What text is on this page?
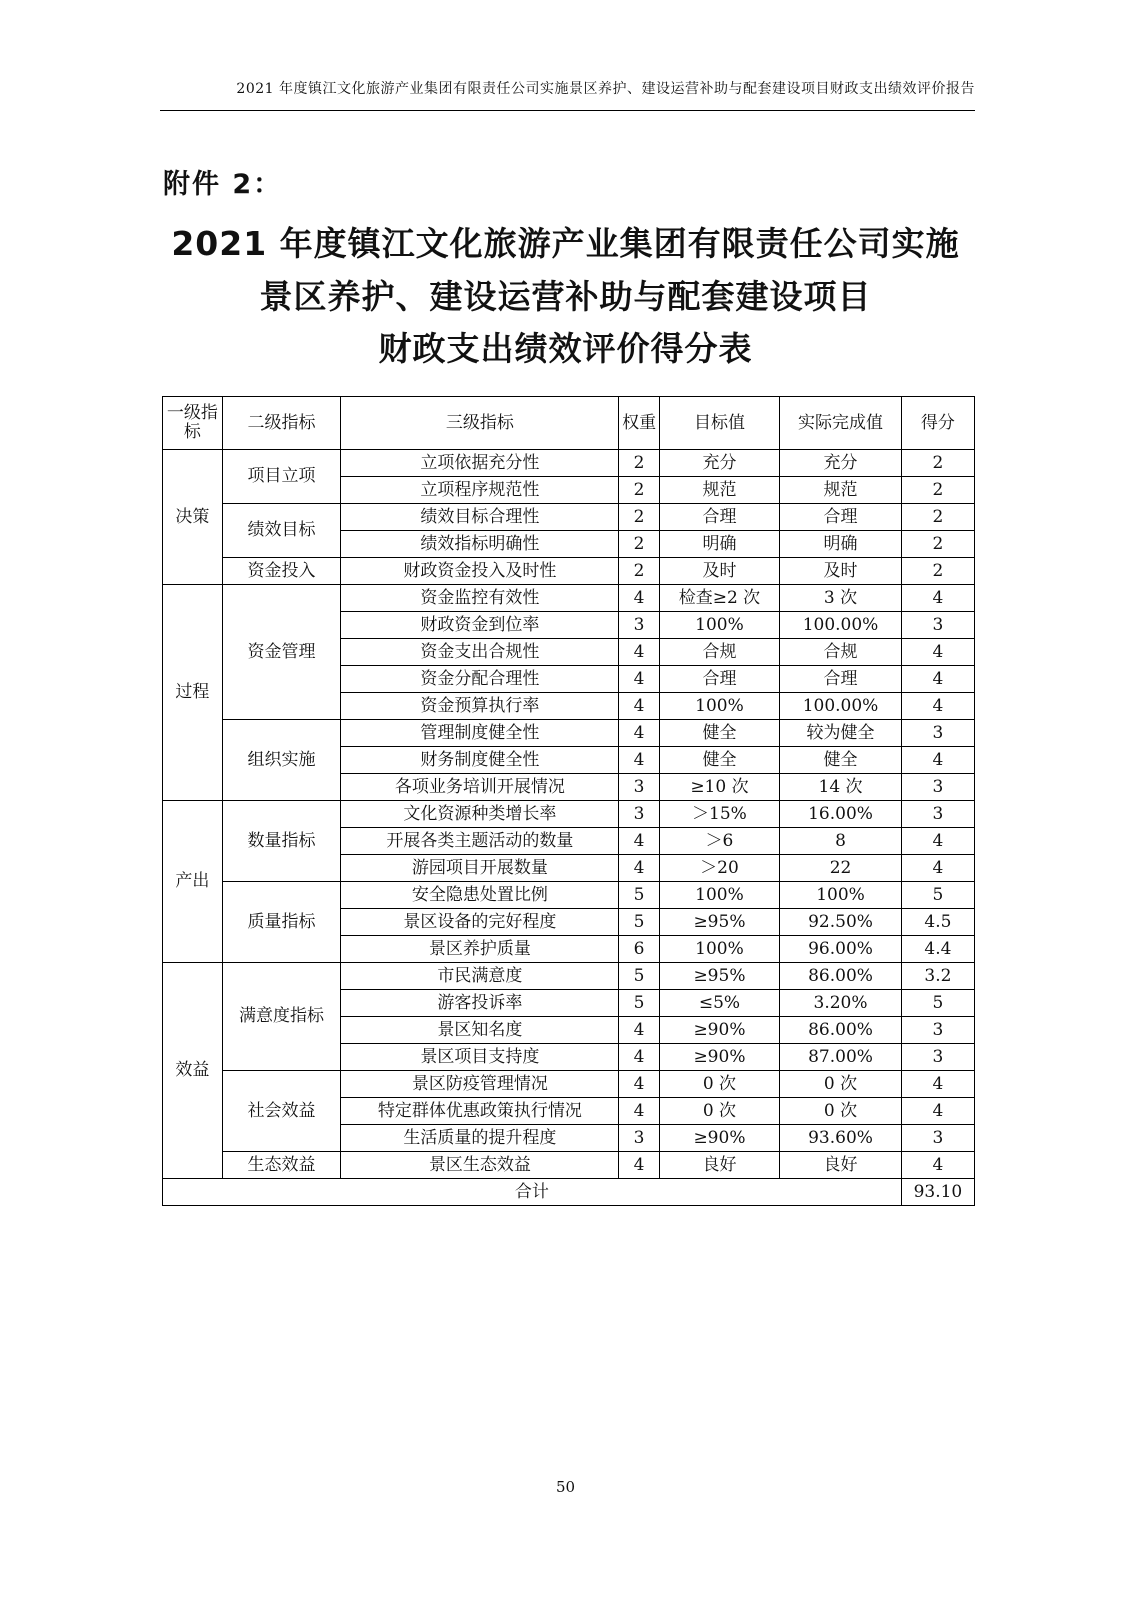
2021 年度镇江文化旅游产业集团有限责任公司实施景区养护、建设运营补助与配套建设项目财政支出绩效评价报告
附件 2：
2021 年度镇江文化旅游产业集团有限责任公司实施
景区养护、建设运营补助与配套建设项目
财政支出绩效评价得分表
一级指标	二级指标	三级指标	权重	目标值	实际完成值	得分
决策	项目立项	立项依据充分性	2	充分	充分	2
		立项程序规范性	2	规范	规范	2
	绩效目标	绩效目标合理性	2	合理	合理	2
		绩效指标明确性	2	明确	明确	2
	资金投入	财政资金投入及时性	2	及时	及时	2
过程	资金管理	资金监控有效性	4	检查≥2 次	3 次	4
		财政资金到位率	3	100%	100.00%	3
		资金支出合规性	4	合规	合规	4
		资金分配合理性	4	合理	合理	4
		资金预算执行率	4	100%	100.00%	4
	组织实施	管理制度健全性	4	健全	较为健全	3
		财务制度健全性	4	健全	健全	4
		各项业务培训开展情况	3	≥10 次	14 次	3
产出	数量指标	文化资源种类增长率	3	＞15%	16.00%	3
		开展各类主题活动的数量	4	＞6	8	4
		游园项目开展数量	4	＞20	22	4
	质量指标	安全隐患处置比例	5	100%	100%	5
		景区设备的完好程度	5	≥95%	92.50%	4.5
		景区养护质量	6	100%	96.00%	4.4
效益	满意度指标	市民满意度	5	≥95%	86.00%	3.2
		游客投诉率	5	≤5%	3.20%	5
		景区知名度	4	≥90%	86.00%	3
		景区项目支持度	4	≥90%	87.00%	3
	社会效益	景区防疫管理情况	4	0 次	0 次	4
		特定群体优惠政策执行情况	4	0 次	0 次	4
		生活质量的提升程度	3	≥90%	93.60%	3
	生态效益	景区生态效益	4	良好	良好	4
合计						93.10
50
